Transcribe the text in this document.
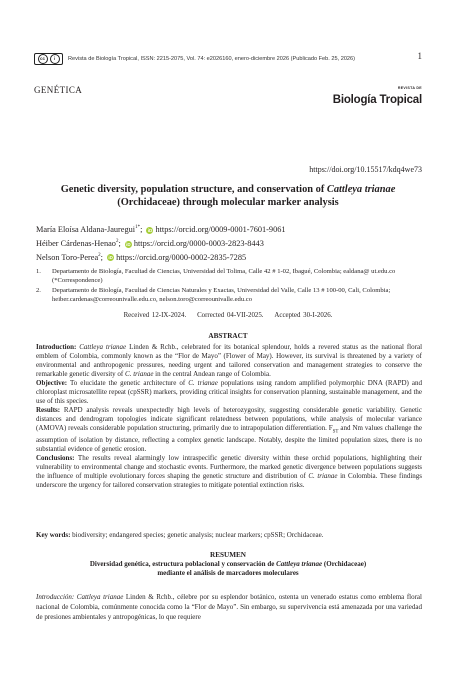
cc	i	Revista de Biología Tropical, ISSN: 2215-2075, Vol. 74: e2026160, enero-diciembre 2026 (Publicado Feb. 25, 2026)	1
GENÉTICA	REVISTA DE
Biología Tropical
https://doi.org/10.15517/kdq4we73
Genetic diversity, population structure, and conservation of Cattleya trianae
(Orchidaceae) through molecular marker analysis
María Eloísa Aldana-Jauregui$^{1*}$; iD https://orcid.org/0009-0001-7601-9061
Héiber Cárdenas-Henao$^2$; iD https://orcid.org/0000-0003-2823-8443
Nelson Toro-Perea$^2$; iD https://orcid.org/0000-0002-2835-7285
1.	Departamento de Biología, Facultad de Ciencias, Universidad del Tolima, Calle 42 # 1-02, Ibagué, Colombia; ealdana@ ut.edu.co (*Correspondence)
2.	Departamento de Biología, Facultad de Ciencias Naturales y Exactas, Universidad del Valle, Calle 13 # 100-00, Cali, Colombia; heiber.cardenas@correounivalle.edu.co, nelson.toro@correounivalle.edu.co
Received 12-IX-2024. Corrected 04-VII-2025. Accepted 30-I-2026.
ABSTRACT

Introduction: Cattleya trianae Linden & Rchb., celebrated for its botanical splendour, holds a revered status as the national floral emblem of Colombia, commonly known as the “Flor de Mayo” (Flower of May). However, its survival is threatened by a variety of environmental and anthropogenic pressures, needing urgent and tailored conservation and management strategies to conserve the remarkable genetic diversity of C. trianae in the central Andean range of Colombia.

Objective: To elucidate the genetic architecture of C. trianae populations using random amplified polymorphic DNA (RAPD) and chloroplast microsatellite repeat (cpSSR) markers, providing critical insights for conservation planning, sustainable management, and the use of this species.

Results: RAPD analysis reveals unexpectedly high levels of heterozygosity, suggesting considerable genetic variability. Genetic distances and dendrogram topologies indicate significant relatedness between populations, while analysis of molecular variance (AMOVA) reveals considerable population structuring, primarily due to intrapopulation differentiation. $F_{ST}$ and Nm values challenge the assumption of isolation by distance, reflecting a complex genetic landscape. Notably, despite the limited population sizes, there is no substantial evidence of genetic erosion.

Conclusions: The results reveal alarmingly low intraspecific genetic diversity within these orchid populations, highlighting their vulnerability to environmental change and stochastic events. Furthermore, the marked genetic divergence between populations suggests the influence of multiple evolutionary forces shaping the genetic structure and distribution of C. trianae in Colombia. These findings underscore the urgency for tailored conservation strategies to mitigate potential extinction risks.

Key words: biodiversity; endangered species; genetic analysis; nuclear markers; cpSSR; Orchidaceae.
RESUMEN
Diversidad genética, estructura poblacional y conservación de Cattleya trianae (Orchidaceae)
mediante el análisis de marcadores moleculares
Introducción: Cattleya trianae Linden & Rchb., célebre por su esplendor botánico, ostenta un venerado estatus como emblema floral nacional de Colombia, comúnmente conocida como la “Flor de Mayo”. Sin embargo, su supervivencia está amenazada por una variedad de presiones ambientales y antropogénicas, lo que requiere
